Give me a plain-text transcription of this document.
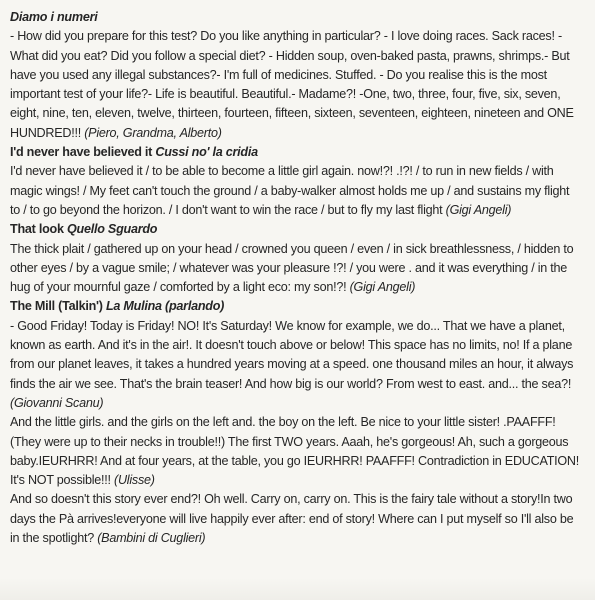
Diamo i numeri

- How did you prepare for this test? Do you like anything in particular? - I love doing races. Sack races! - What did you eat? Did you follow a special diet? - Hidden soup, oven-baked pasta, prawns, shrimps.- But have you used any illegal substances?- I'm full of medicines. Stuffed. - Do you realise this is the most important test of your life?- Life is beautiful. Beautiful.- Madame?! -One, two, three, four, five, six, seven, eight, nine, ten, eleven, twelve, thirteen, fourteen, fifteen, sixteen, seventeen, eighteen, nineteen and ONE HUNDRED!!! (Piero, Grandma, Alberto)

I'd never have believed it Cussi no' la cridia

I'd never have believed it / to be able to become a little girl again. now!?! .!?! / to run in new fields / with magic wings! / My feet can't touch the ground / a baby-walker almost holds me up / and sustains my flight to / to go beyond the horizon. / I don't want to win the race / but to fly my last flight (Gigi Angeli)

That look Quello Sguardo

The thick plait / gathered up on your head / crowned you queen / even / in sick breathlessness, / hidden to other eyes / by a vague smile; / whatever was your pleasure !?! / you were . and it was everything / in the hug of your mournful gaze / comforted by a light eco: my son!?! (Gigi Angeli)

The Mill (Talkin') La Mulina (parlando)

- Good Friday! Today is Friday! NO! It's Saturday! We know for example, we do... That we have a planet, known as earth. And it's in the air!. It doesn't touch above or below! This space has no limits, no! If a plane from our planet leaves, it takes a hundred years moving at a speed. one thousand miles an hour, it always finds the air we see. That's the brain teaser! And how big is our world? From west to east. and... the sea?! (Giovanni Scanu)

And the little girls. and the girls on the left and. the boy on the left. Be nice to your little sister! .PAAFFF! (They were up to their necks in trouble!!) The first TWO years. Aaah, he's gorgeous! Ah, such a gorgeous baby.IEURHRR! And at four years, at the table, you go IEURHRR! PAAFFF! Contradiction in EDUCATION! It's NOT possible!!! (Ulisse)

And so doesn't this story ever end?! Oh well. Carry on, carry on. This is the fairy tale without a story!In two days the Pà arrives!everyone will live happily ever after: end of story! Where can I put myself so I'll also be in the spotlight? (Bambini di Cuglieri)
